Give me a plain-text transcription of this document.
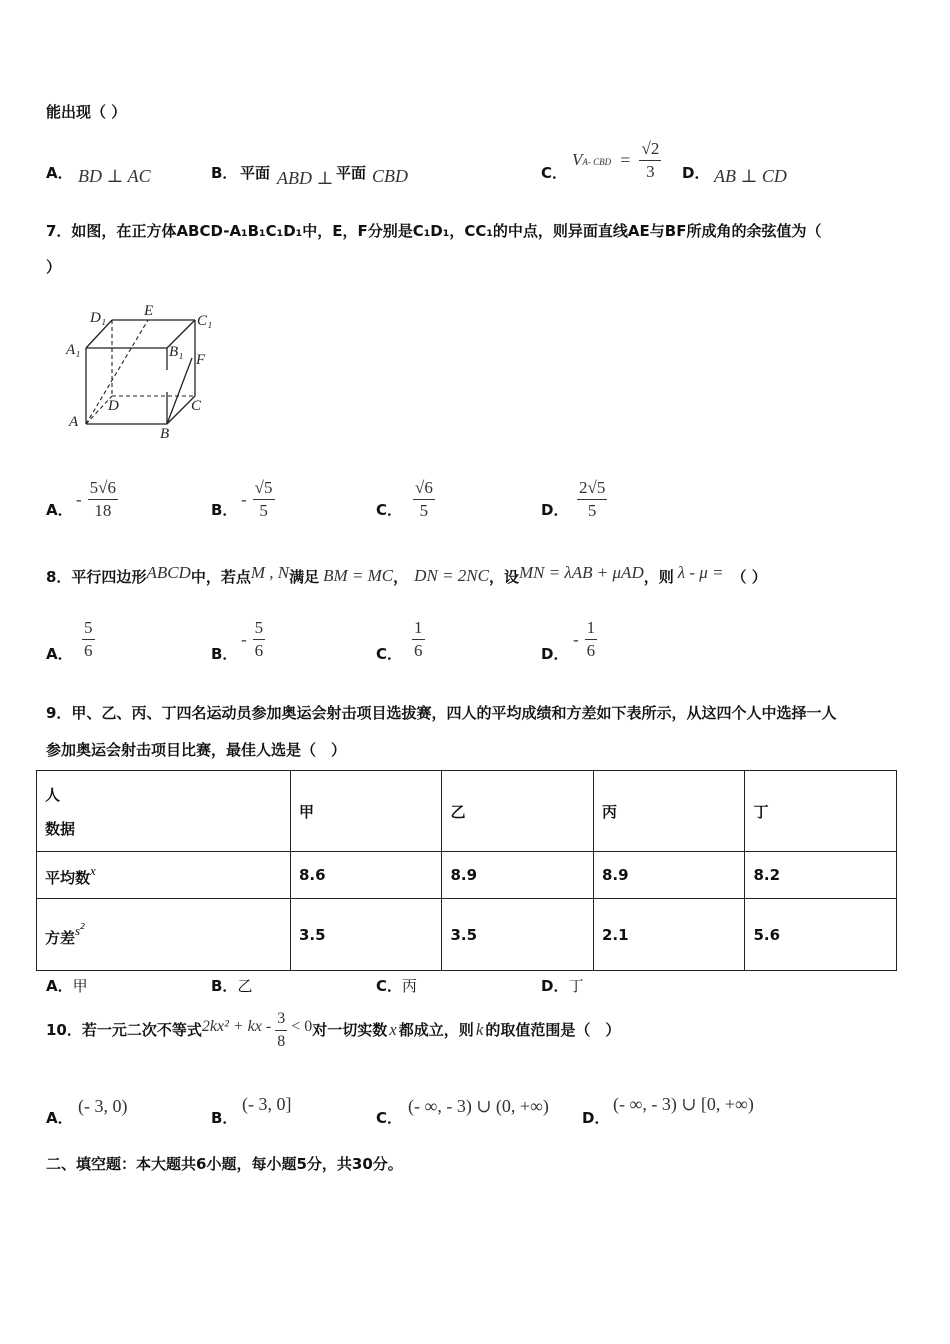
能出现（ ）
A． BD ⊥ AC	B． 平面 ABD ⊥ 平面 CBD	C．
VA- CBD = $\frac{√2}{3}$ D． AB ⊥ CD
7．如图，在正方体ABCD-A₁B₁C₁D₁中，E，F分别是C₁D₁，CC₁的中点，则异面直线AE与BF所成角的余弦值为（
）
D₁	E
C₁
A₁	B₁ F
D	C
A
B
A．
- $\frac{5√6}{18}$	B．
- $\frac{√5}{5}$	C． $\frac{√6}{5}$	D． $\frac{2√5}{5}$
8．平行四边形ABCD中，若点M , N满足 BM = MC， DN = 2NC，设MN = λAB + μAD，则 λ - μ = （ ）
A． $\frac{5}{6}$	B．
- $\frac{5}{6}$	C． $\frac{1}{6}$	D．
- $\frac{1}{6}$
9．甲、乙、丙、丁四名运动员参加奥运会射击项目选拔赛，四人的平均成绩和方差如下表所示，从这四个人中选择一人
参加奥运会射击项目比赛，最佳人选是（　）
人
数据	甲	乙	丙	丁
平均数x	8.6	8.9	8.9	8.2
方差$s^2$	3.5	3.5	2.1	5.6
A．甲	B．乙	C．丙	D．丁
10．若一元二次不等式2kx² + kx - $\frac{3}{8} < 0$对一切实数 x 都成立，则 k 的取值范围是（　）
A．
(- 3, 0)
B．
(- 3, 0]
C．
(- ∞, - 3) ∪ (0, +∞)
D．
(- ∞, - 3) ∪ [0, +∞)
二、填空题：本大题共6小题，每小题5分，共30分。
